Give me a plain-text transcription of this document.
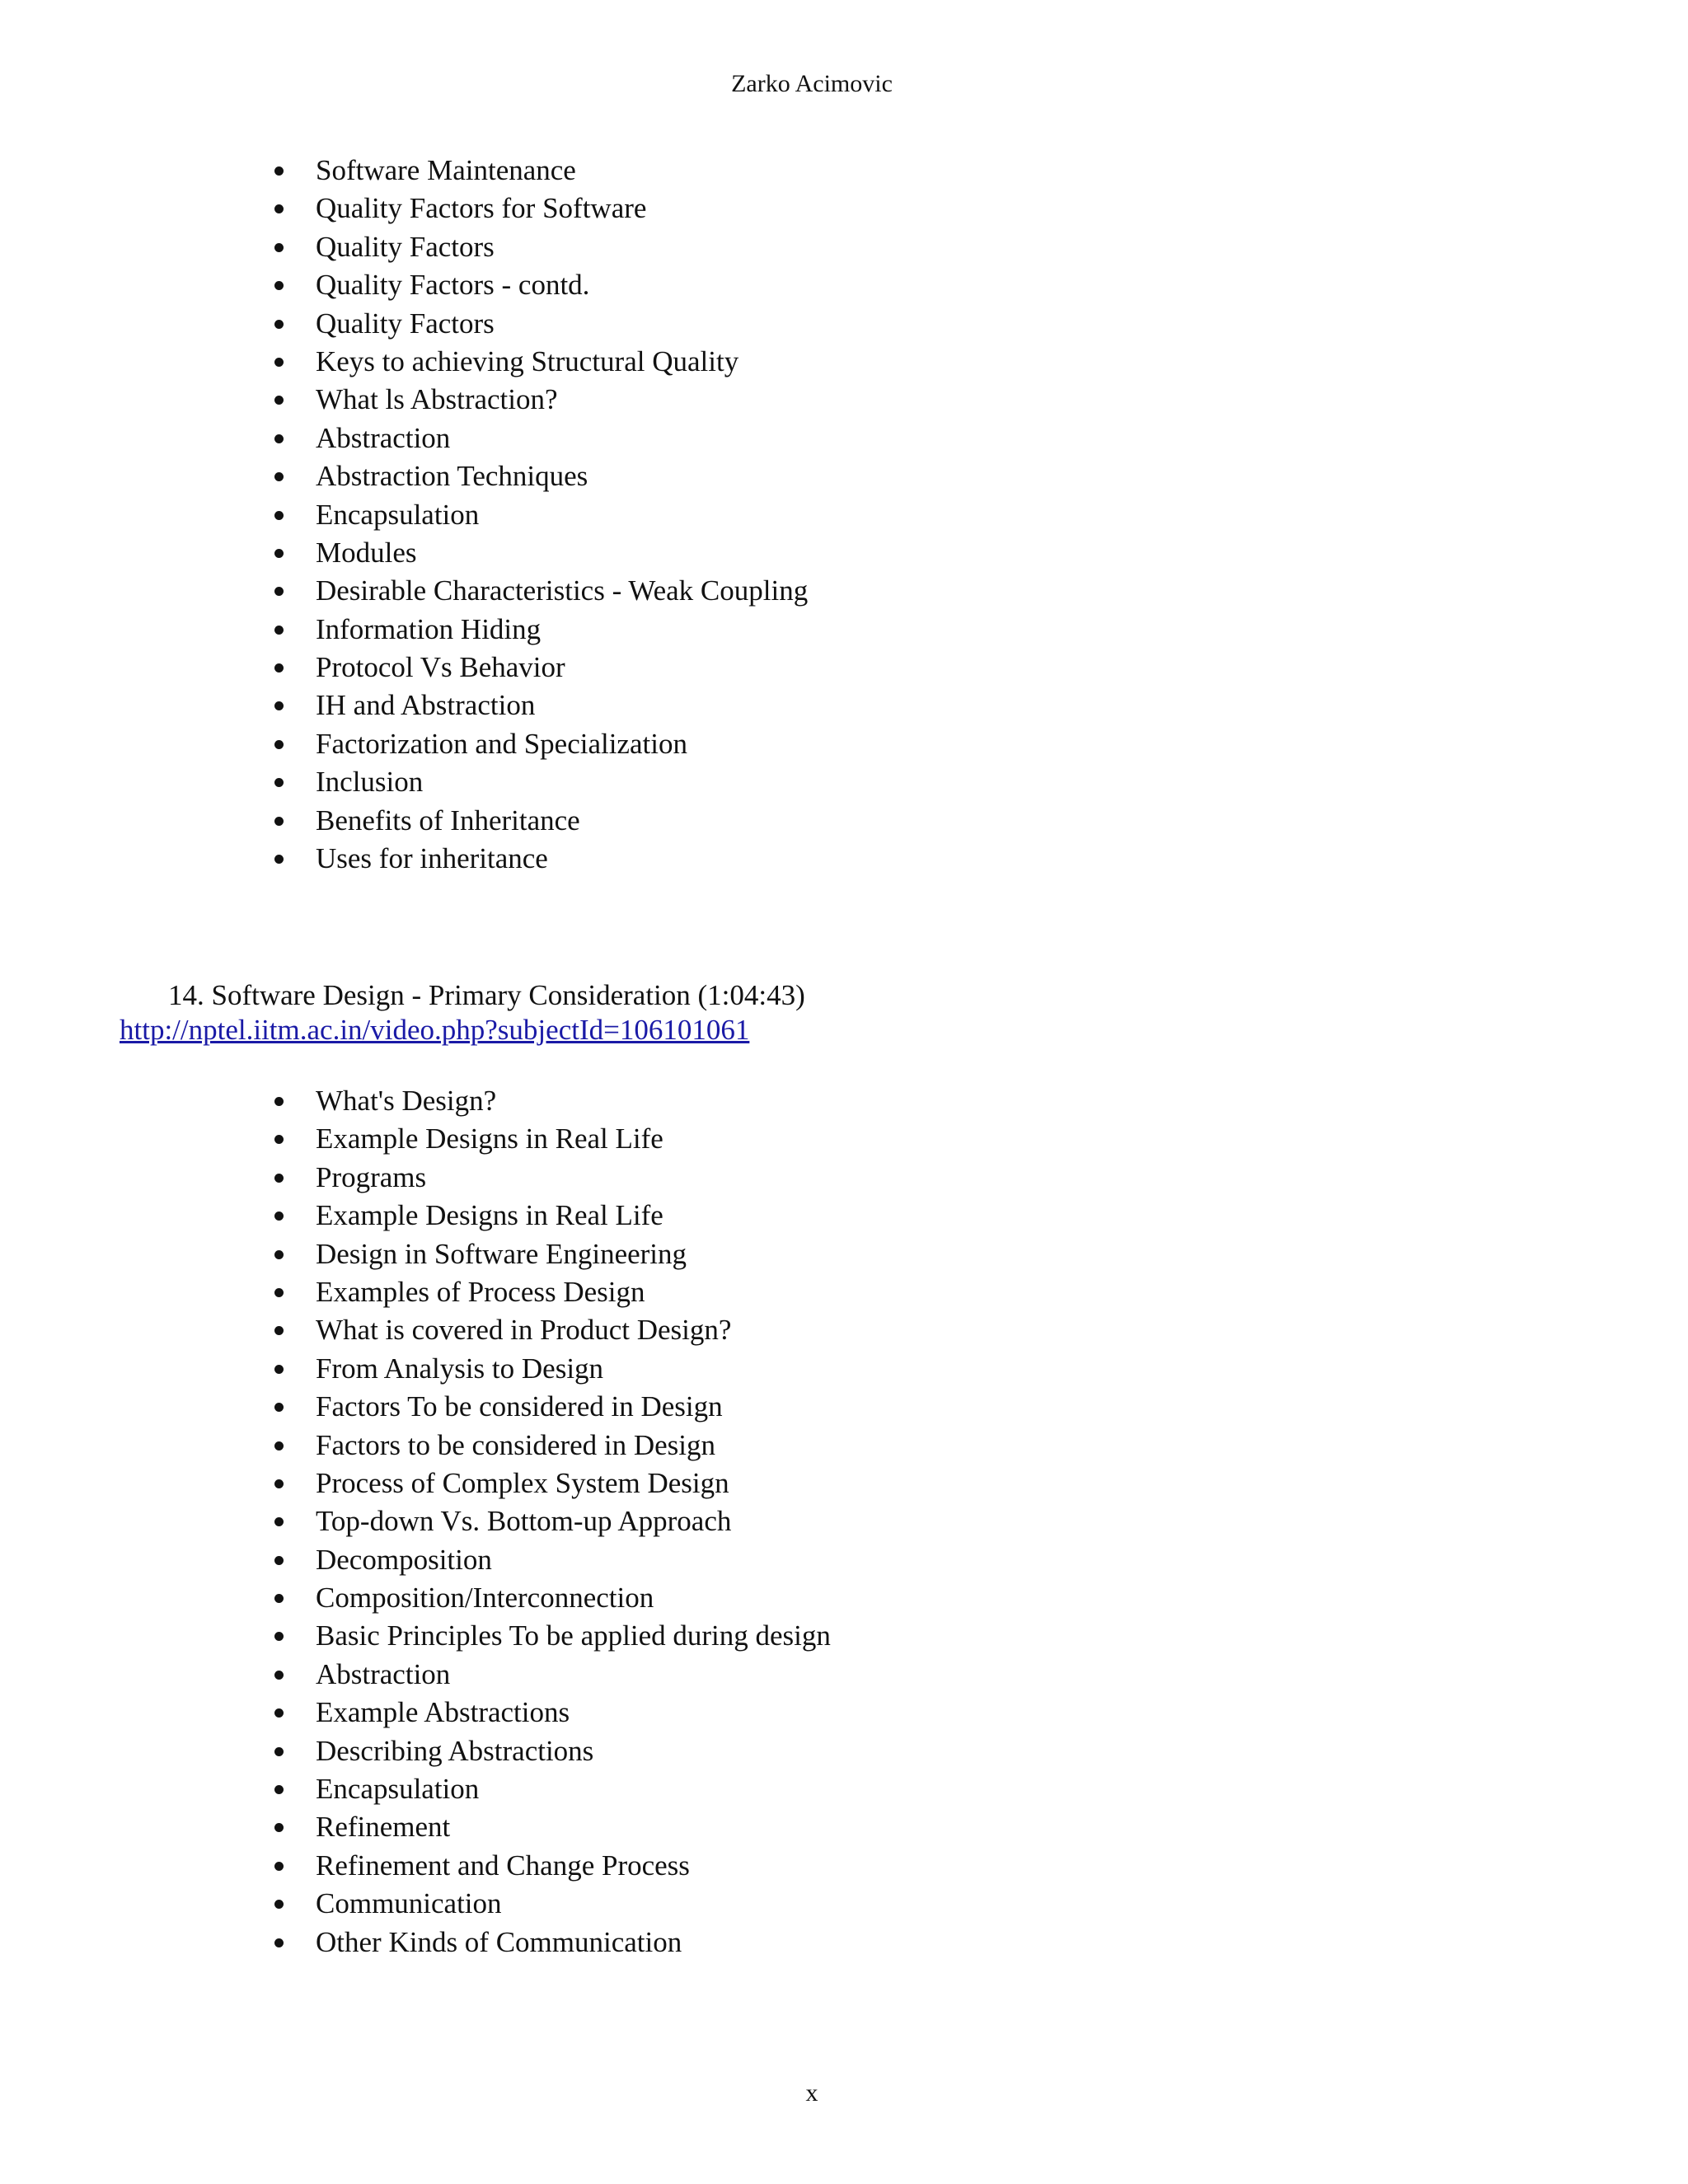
Zarko Acimovic
Software Maintenance
Quality Factors for Software
Quality Factors
Quality Factors - contd.
Quality Factors
Keys to achieving Structural Quality
What ls Abstraction?
Abstraction
Abstraction Techniques
Encapsulation
Modules
Desirable Characteristics - Weak Coupling
Information Hiding
Protocol Vs Behavior
IH and Abstraction
Factorization and Specialization
Inclusion
Benefits of Inheritance
Uses for inheritance
14. Software Design - Primary Consideration (1:04:43)
http://nptel.iitm.ac.in/video.php?subjectId=106101061
What's Design?
Example Designs in Real Life
Programs
Example Designs in Real Life
Design in Software Engineering
Examples of Process Design
What is covered in Product Design?
From Analysis to Design
Factors To be considered in Design
Factors to be considered in Design
Process of Complex System Design
Top-down Vs. Bottom-up Approach
Decomposition
Composition/Interconnection
Basic Principles To be applied during design
Abstraction
Example Abstractions
Describing Abstractions
Encapsulation
Refinement
Refinement and Change Process
Communication
Other Kinds of Communication
x
